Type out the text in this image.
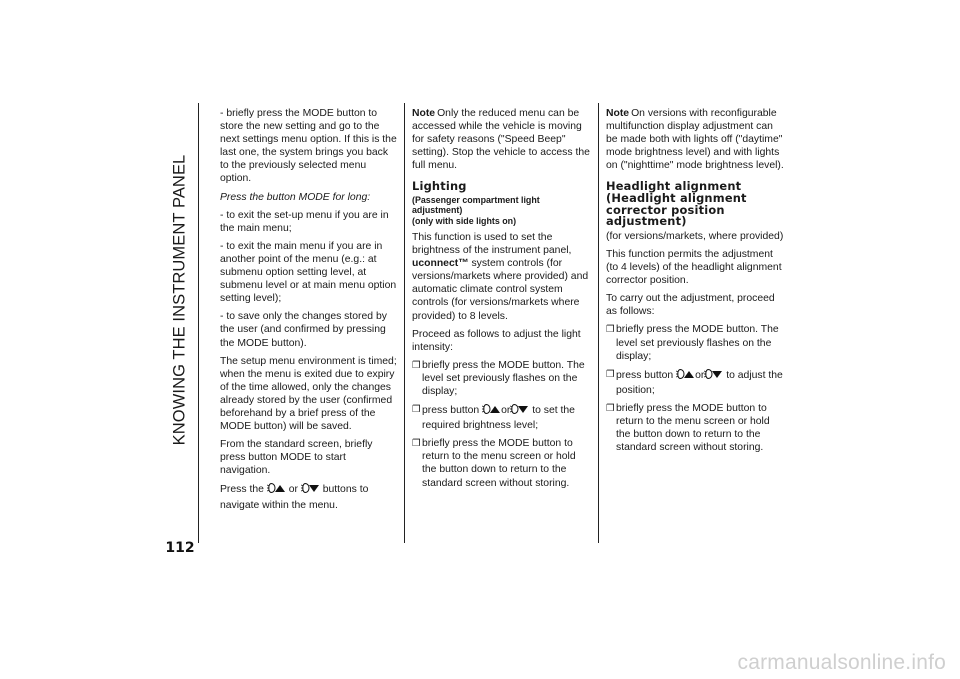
KNOWING THE INSTRUMENT PANEL
112

- briefly press the MODE button to store the new setting and go to the next settings menu option. If this is the last one, the system brings you back to the previously selected menu option.

Press the button MODE for long:

- to exit the set-up menu if you are in the main menu;

- to exit the main menu if you are in another point of the menu (e.g.: at submenu option setting level, at submenu level or at main menu option setting level);

- to save only the changes stored by the user (and confirmed by pressing the MODE button).

The setup menu environment is timed; when the menu is exited due to expiry of the time allowed, only the changes already stored by the user (confirmed beforehand by a brief press of the MODE button) will be saved.

From the standard screen, briefly press button MODE to start navigation.

Press the or buttons to navigate within the menu.

Note Only the reduced menu can be accessed while the vehicle is moving for safety reasons ("Speed Beep" setting). Stop the vehicle to access the full menu.

Lighting
(Passenger compartment light adjustment)
(only with side lights on)

This function is used to set the brightness of the instrument panel, uconnect™ system controls (for versions/markets where provided) and automatic climate control system controls (for versions/markets where provided) to 8 levels.

Proceed as follows to adjust the light intensity:

❒ briefly press the MODE button. The level set previously flashes on the display;
❒ press button or to set the required brightness level;
❒ briefly press the MODE button to return to the menu screen or hold the button down to return to the standard screen without storing.

Note On versions with reconfigurable multifunction display adjustment can be made both with lights off ("daytime" mode brightness level) and with lights on ("nighttime" mode brightness level).

Headlight alignment (Headlight alignment corrector position adjustment)

(for versions/markets, where provided)

This function permits the adjustment (to 4 levels) of the headlight alignment corrector position.

To carry out the adjustment, proceed as follows:

❒ briefly press the MODE button. The level set previously flashes on the display;
❒ press button or to adjust the position;
❒ briefly press the MODE button to return to the menu screen or hold the button down to return to the standard screen without storing.
carmanualsonline.info
